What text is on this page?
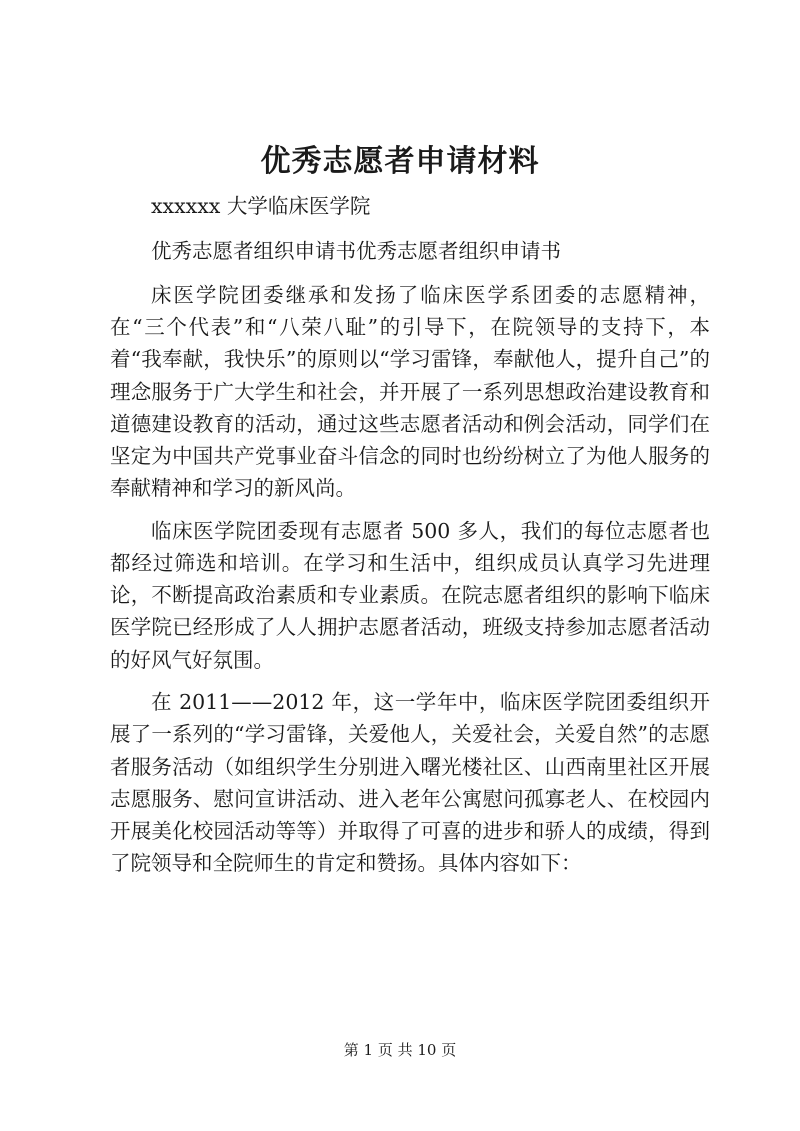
优秀志愿者申请材料

xxxxxx 大学临床医学院

优秀志愿者组织申请书优秀志愿者组织申请书

床医学院团委继承和发扬了临床医学系团委的志愿精神，在“三个代表”和“八荣八耻”的引导下，在院领导的支持下，本着“我奉献，我快乐”的原则以“学习雷锋，奉献他人，提升自己”的理念服务于广大学生和社会，并开展了一系列思想政治建设教育和道德建设教育的活动，通过这些志愿者活动和例会活动，同学们在坚定为中国共产党事业奋斗信念的同时也纷纷树立了为他人服务的奉献精神和学习的新风尚。

临床医学院团委现有志愿者 500 多人，我们的每位志愿者也都经过筛选和培训。在学习和生活中，组织成员认真学习先进理论，不断提高政治素质和专业素质。在院志愿者组织的影响下临床医学院已经形成了人人拥护志愿者活动，班级支持参加志愿者活动的好风气好氛围。

在 2011——2012 年，这一学年中，临床医学院团委组织开展了一系列的“学习雷锋，关爱他人，关爱社会，关爱自然”的志愿者服务活动（如组织学生分别进入曙光楼社区、山西南里社区开展志愿服务、慰问宣讲活动、进入老年公寓慰问孤寡老人、在校园内开展美化校园活动等等）并取得了可喜的进步和骄人的成绩，得到了院领导和全院师生的肯定和赞扬。具体内容如下：

第 1 页 共 10 页
